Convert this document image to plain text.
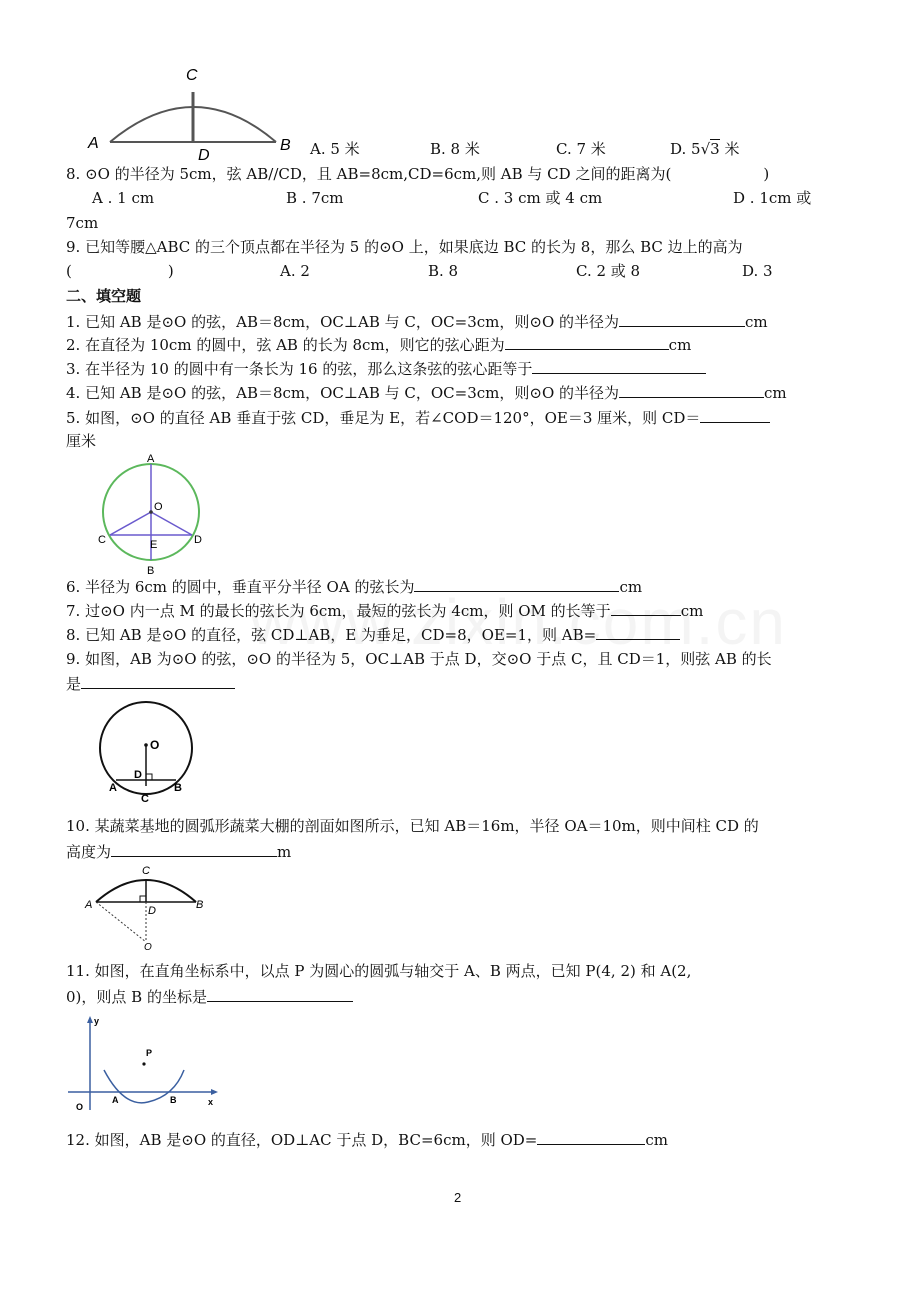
C
A	B
D	A. 5 米	B. 8 米	C. 7 米	D. 5√3 米
8. ⊙O 的半径为 5cm，弦 AB//CD，且 AB=8cm,CD=6cm,则 AB 与 CD 之间的距离为(	)
A . 1 cm	B . 7cm	C . 3 cm 或 4 cm	D . 1cm 或
7cm
9. 已知等腰△ABC 的三个顶点都在半径为 5 的⊙O 上，如果底边 BC 的长为 8，那么 BC 边上的高为
(	)	A. 2	B. 8	C. 2 或 8	D. 3
二、填空题
1. 已知 AB 是⊙O 的弦，AB＝8cm，OC⊥AB 与 C，OC=3cm，则⊙O 的半径为	cm
2. 在直径为 10cm 的圆中，弦 AB 的长为 8cm，则它的弦心距为	cm
3. 在半径为 10 的圆中有一条长为 16 的弦，那么这条弦的弦心距等于
4. 已知 AB 是⊙O 的弦，AB＝8cm，OC⊥AB 与 C，OC=3cm，则⊙O 的半径为	cm
5. 如图，⊙O 的直径 AB 垂直于弦 CD，垂足为 E，若∠COD＝120°，OE＝3 厘米，则 CD＝
厘米
A
O
C	D
E
B
6. 半径为 6cm 的圆中，垂直平分半径 OA 的弦长为	cm
7. 过⊙O 内一点 M 的最长的弦长为 6cm，最短的弦长为 4cm，则 OM 的长等于	cm
8. 已知 AB 是⊙O 的直径，弦 CD⊥AB，E 为垂足，CD=8，OE=1，则 AB=
9. 如图，AB 为⊙O 的弦，⊙O 的半径为 5，OC⊥AB 于点 D，交⊙O 于点 C，且 CD＝1，则弦 AB 的长
是
O
D
A	B
C
10. 某蔬菜基地的圆弧形蔬菜大棚的剖面如图所示，已知 AB＝16m，半径 OA＝10m，则中间柱 CD 的
高度为	m
C
A	B
D
O
11. 如图，在直角坐标系中，以点 P 为圆心的圆弧与轴交于 A、B 两点，已知 P(4, 2) 和 A(2,
0)，则点 B 的坐标是
y
x
O
A	B
P
12. 如图，AB 是⊙O 的直径，OD⊥AC 于点 D，BC=6cm，则 OD=	cm
2
